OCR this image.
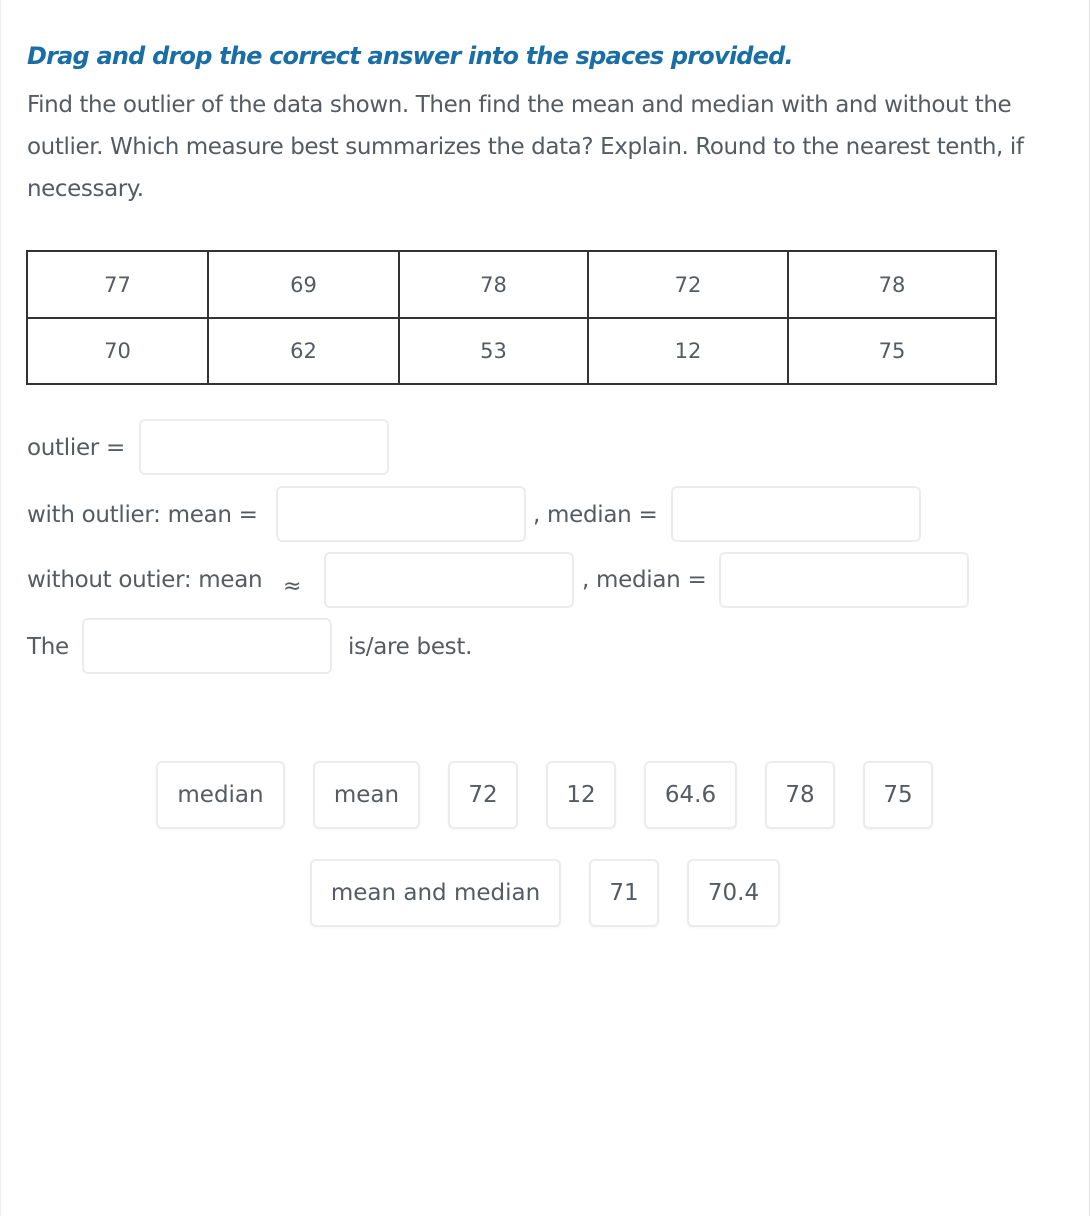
Drag and drop the correct answer into the spaces provided.
Find the outlier of the data shown. Then find the mean and median with and without the outlier. Which measure best summarizes the data? Explain. Round to the nearest tenth, if necessary.
77	69	78	72	78
70	62	53	12	75
outlier =
with outlier: mean =	, median =
without outier: mean ≈	, median =
The	is/are best.
median	mean	72	12	64.6	78	75
mean and median	71	70.4
